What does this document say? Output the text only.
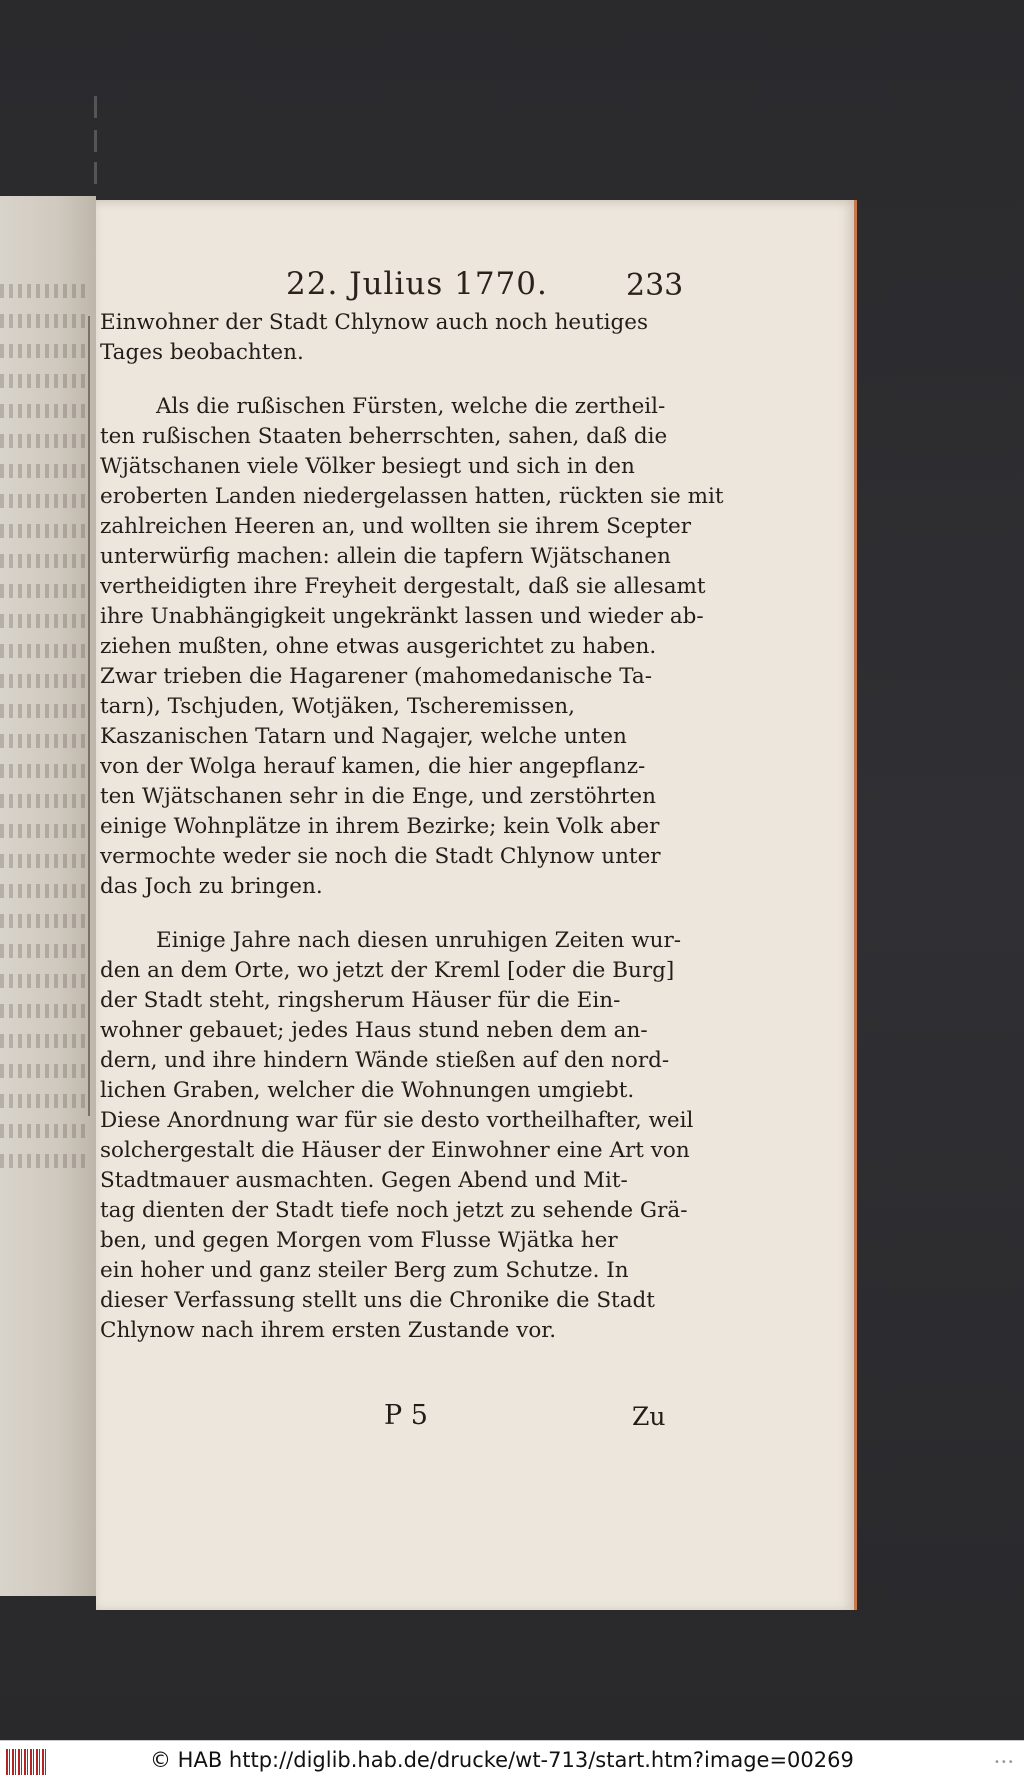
22. Julius 1770.	233
Einwohner der Stadt Chlynow auch noch heutiges
Tages beobachten.
Als die rußischen Fürsten, welche die zertheil-
ten rußischen Staaten beherrschten, sahen, daß die
Wjätschanen viele Völker besiegt und sich in den
eroberten Landen niedergelassen hatten, rückten sie mit
zahlreichen Heeren an, und wollten sie ihrem Scepter
unterwürfig machen: allein die tapfern Wjätschanen
vertheidigten ihre Freyheit dergestalt, daß sie allesamt
ihre Unabhängigkeit ungekränkt lassen und wieder ab-
ziehen mußten, ohne etwas ausgerichtet zu haben.
Zwar trieben die Hagarener (mahomedanische Ta-
tarn), Tschjuden, Wotjäken, Tscheremissen,
Kaszanischen Tatarn und Nagajer, welche unten
von der Wolga herauf kamen, die hier angepflanz-
ten Wjätschanen sehr in die Enge, und zerstöhrten
einige Wohnplätze in ihrem Bezirke; kein Volk aber
vermochte weder sie noch die Stadt Chlynow unter
das Joch zu bringen.
Einige Jahre nach diesen unruhigen Zeiten wur-
den an dem Orte, wo jetzt der Kreml [oder die Burg]
der Stadt steht, ringsherum Häuser für die Ein-
wohner gebauet; jedes Haus stund neben dem an-
dern, und ihre hindern Wände stießen auf den nord-
lichen Graben, welcher die Wohnungen umgiebt.
Diese Anordnung war für sie desto vortheilhafter, weil
solchergestalt die Häuser der Einwohner eine Art von
Stadtmauer ausmachten. Gegen Abend und Mit-
tag dienten der Stadt tiefe noch jetzt zu sehende Grä-
ben, und gegen Morgen vom Flusse Wjätka her
ein hoher und ganz steiler Berg zum Schutze. In
dieser Verfassung stellt uns die Chronike die Stadt
Chlynow nach ihrem ersten Zustande vor.
P 5	Zu
© HAB http://diglib.hab.de/drucke/wt-713/start.htm?image=00269	•••
